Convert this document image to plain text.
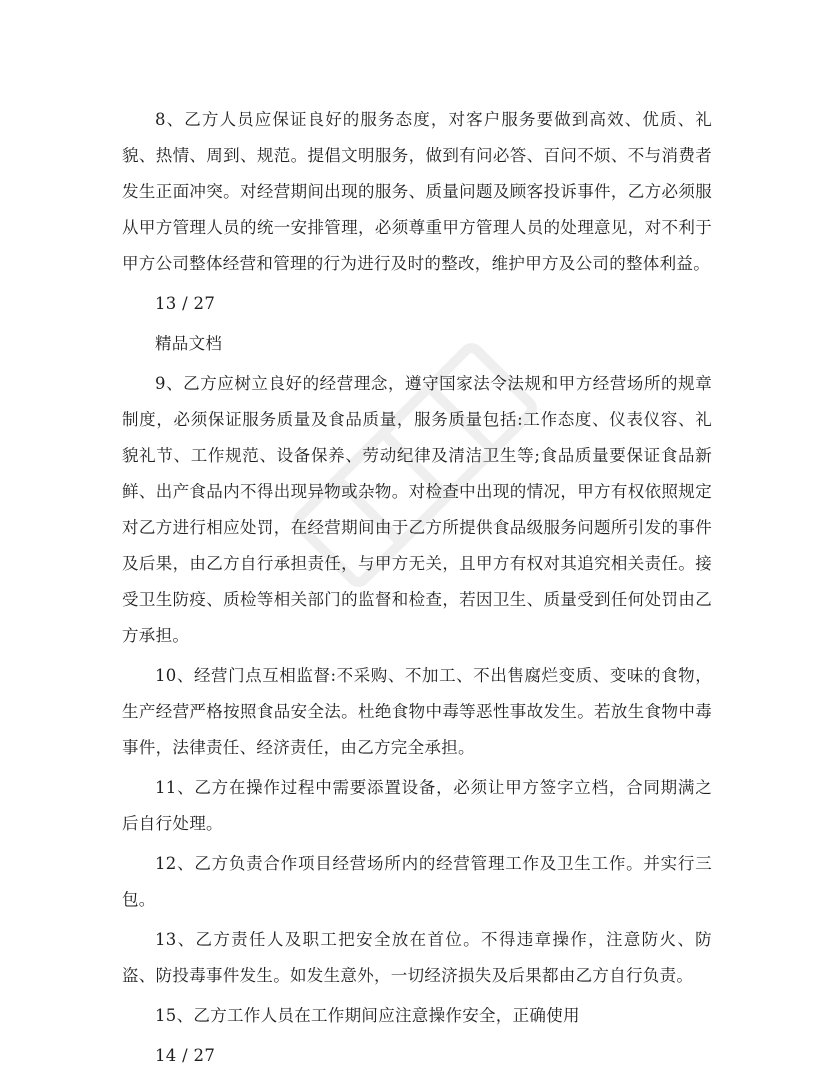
8、乙方人员应保证良好的服务态度，对客户服务要做到高效、优质、礼貌、热情、周到、规范。提倡文明服务，做到有问必答、百问不烦、不与消费者发生正面冲突。对经营期间出现的服务、质量问题及顾客投诉事件，乙方必须服从甲方管理人员的统一安排管理，必须尊重甲方管理人员的处理意见，对不利于甲方公司整体经营和管理的行为进行及时的整改，维护甲方及公司的整体利益。

13 / 27

精品文档

9、乙方应树立良好的经营理念，遵守国家法令法规和甲方经营场所的规章制度，必须保证服务质量及食品质量，服务质量包括:工作态度、仪表仪容、礼貌礼节、工作规范、设备保养、劳动纪律及清洁卫生等;食品质量要保证食品新鲜、出产食品内不得出现异物或杂物。对检查中出现的情况，甲方有权依照规定对乙方进行相应处罚，在经营期间由于乙方所提供食品级服务问题所引发的事件及后果，由乙方自行承担责任，与甲方无关，且甲方有权对其追究相关责任。接受卫生防疫、质检等相关部门的监督和检查，若因卫生、质量受到任何处罚由乙方承担。

10、经营门点互相监督:不采购、不加工、不出售腐烂变质、变味的食物，生产经营严格按照食品安全法。杜绝食物中毒等恶性事故发生。若放生食物中毒事件，法律责任、经济责任，由乙方完全承担。

11、乙方在操作过程中需要添置设备，必须让甲方签字立档，合同期满之后自行处理。

12、乙方负责合作项目经营场所内的经营管理工作及卫生工作。并实行三包。

13、乙方责任人及职工把安全放在首位。不得违章操作，注意防火、防盗、防投毒事件发生。如发生意外，一切经济损失及后果都由乙方自行负责。

15、乙方工作人员在工作期间应注意操作安全，正确使用

14 / 27
